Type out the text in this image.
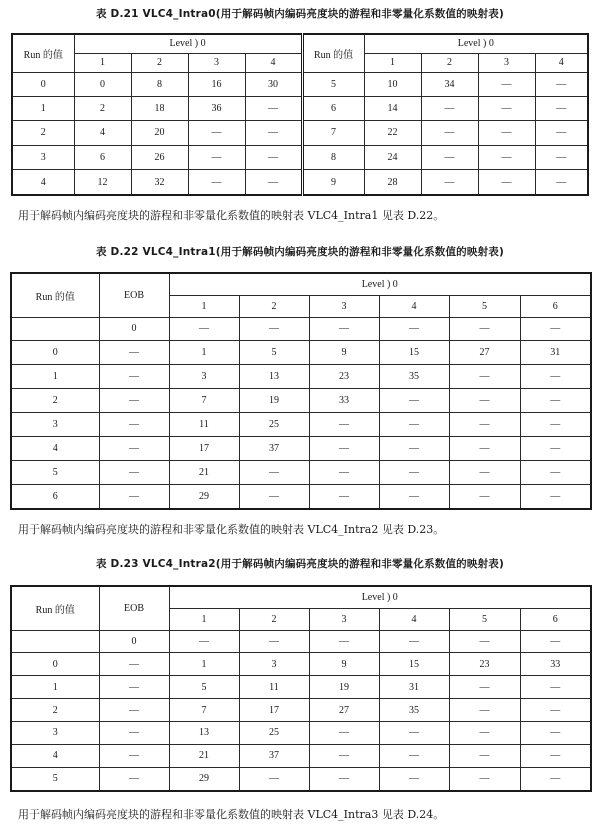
表 D.21 VLC4_Intra0(用于解码帧内编码亮度块的游程和非零量化系数值的映射表)
Run 的值	Level ) 0				Run 的值	Level ) 0			
	1	2	3	4		1	2	3	4
0	0	8	16	30	5	10	34	—	—
1	2	18	36	—	6	14	—	—	—
2	4	20	—	—	7	22	—	—	—
3	6	26	—	—	8	24	—	—	—
4	12	32	—	—	9	28	—	—	—
用于解码帧内编码亮度块的游程和非零量化系数值的映射表 VLC4_Intra1 见表 D.22。
表 D.22 VLC4_Intra1(用于解码帧内编码亮度块的游程和非零量化系数值的映射表)
Run 的值	EOB	Level ) 0					
		1	2	3	4	5	6
	0	—	—	—	—	—	—
0	—	1	5	9	15	27	31
1	—	3	13	23	35	—	—
2	—	7	19	33	—	—	—
3	—	11	25	—	—	—	—
4	—	17	37	—	—	—	—
5	—	21	—	—	—	—	—
6	—	29	—	—	—	—	—
用于解码帧内编码亮度块的游程和非零量化系数值的映射表 VLC4_Intra2 见表 D.23。
表 D.23 VLC4_Intra2(用于解码帧内编码亮度块的游程和非零量化系数值的映射表)
Run 的值	EOB	Level ) 0					
		1	2	3	4	5	6
	0	—	—	—	—	—	—
0	—	1	3	9	15	23	33
1	—	5	11	19	31	—	—
2	—	7	17	27	35	—	—
3	—	13	25	—	—	—	—
4	—	21	37	—	—	—	—
5	—	29	—	—	—	—	—
用于解码帧内编码亮度块的游程和非零量化系数值的映射表 VLC4_Intra3 见表 D.24。
